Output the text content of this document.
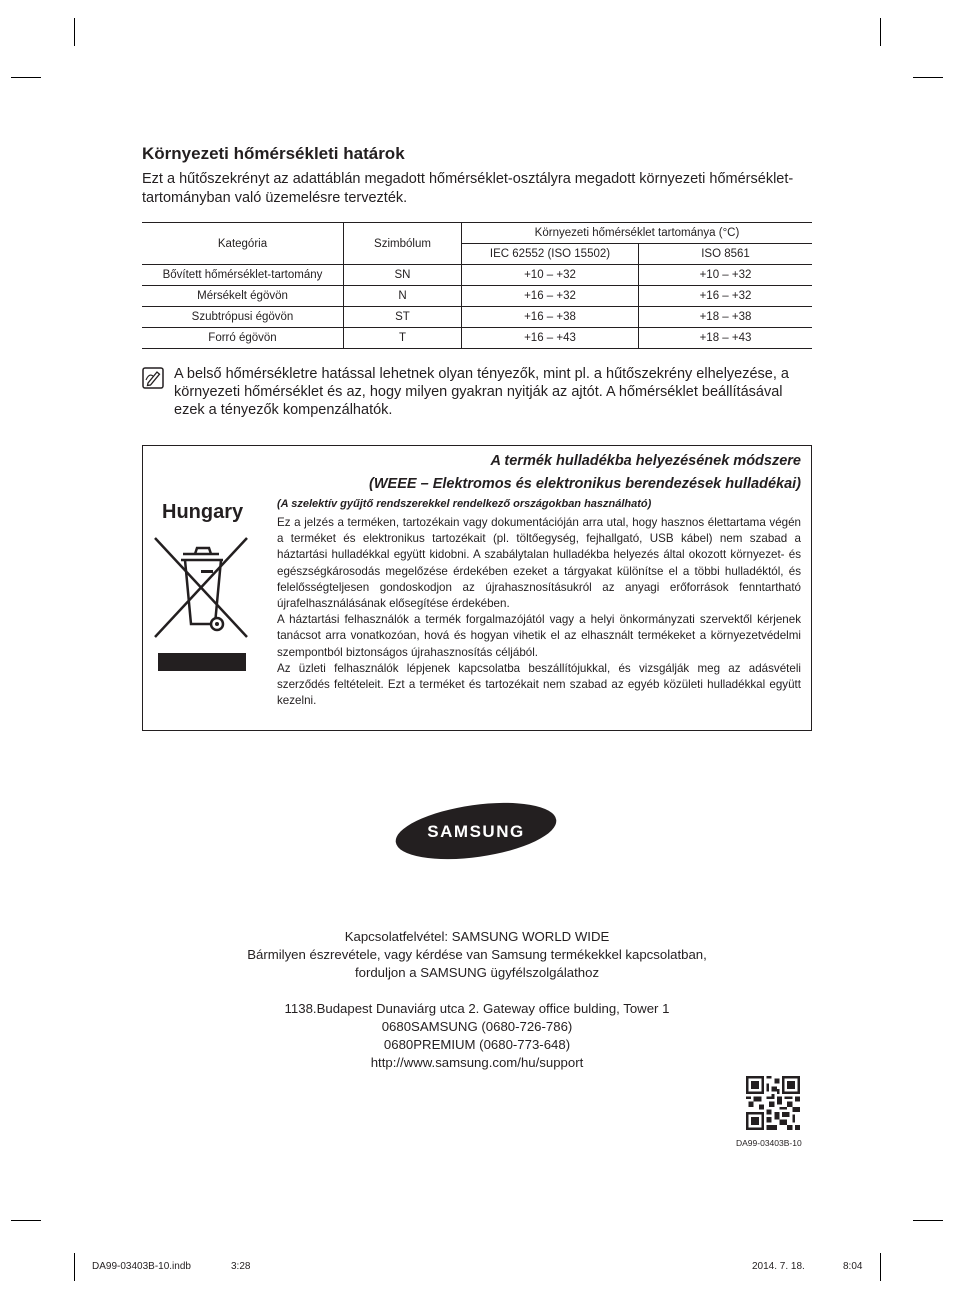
Környezeti hőmérsékleti határok
Ezt a hűtőszekrényt az adattáblán megadott hőmérséklet-osztályra megadott környezeti hőmérséklet-tartományban való üzemelésre tervezték.
Kategória	Szimbólum	Környezeti hőmérséklet tartománya (°C)	
		IEC 62552 (ISO 15502)	ISO 8561
Bővített hőmérséklet-tartomány	SN	+10 – +32	+10 – +32
Mérsékelt égövön	N	+16 – +32	+16 – +32
Szubtrópusi égövön	ST	+16 – +38	+18 – +38
Forró égövön	T	+16 – +43	+18 – +43
A belső hőmérsékletre hatással lehetnek olyan tényezők, mint pl. a hűtőszekrény elhelyezése, a környezeti hőmérséklet és az, hogy milyen gyakran nyitják az ajtót. A hőmérséklet beállításával ezek a tényezők kompenzálhatók.
A termék hulladékba helyezésének módszere
(WEEE – Elektromos és elektronikus berendezések hulladékai)
Hungary	(A szelektív gyűjtő rendszerekkel rendelkező országokban használható)

Ez a jelzés a terméken, tartozékain vagy dokumentációján arra utal, hogy hasznos élettartama végén a terméket és elektronikus tartozékait (pl. töltőegység, fejhallgató, USB kábel) nem szabad a háztartási hulladékkal együtt kidobni. A szabálytalan hulladékba helyezés által okozott környezet- és egészségkárosodás megelőzése érdekében ezeket a tárgyakat különítse el a többi hulladéktól, és felelősségteljesen gondoskodjon az újrahasznosításukról az anyagi erőforrások fenntartható újrafelhasználásának elősegítése érdekében.

A háztartási felhasználók a termék forgalmazójától vagy a helyi önkormányzati szervektől kérjenek tanácsot arra vonatkozóan, hová és hogyan vihetik el az elhasznált termékeket a környezetvédelmi szempontból biztonságos újrahasznosítás céljából.

Az üzleti felhasználók lépjenek kapcsolatba beszállítójukkal, és vizsgálják meg az adásvételi szerződés feltételeit. Ezt a terméket és tartozékait nem szabad az egyéb közületi hulladékkal együtt kezelni.

SAMSUNG

Kapcsolatfelvétel: SAMSUNG WORLD WIDE

Bármilyen észrevétele, vagy kérdése van Samsung termékekkel kapcsolatban,

forduljon a SAMSUNG ügyfélszolgálathoz

1138.Budapest Dunaviárg utca 2. Gateway office bulding, Tower 1

0680SAMSUNG (0680-726-786)

0680PREMIUM (0680-773-648)

http://www.samsung.com/hu/support

DA99-03403B-10
DA99-03403B-10.indb	3:28	2014. 7. 18.	8:04
